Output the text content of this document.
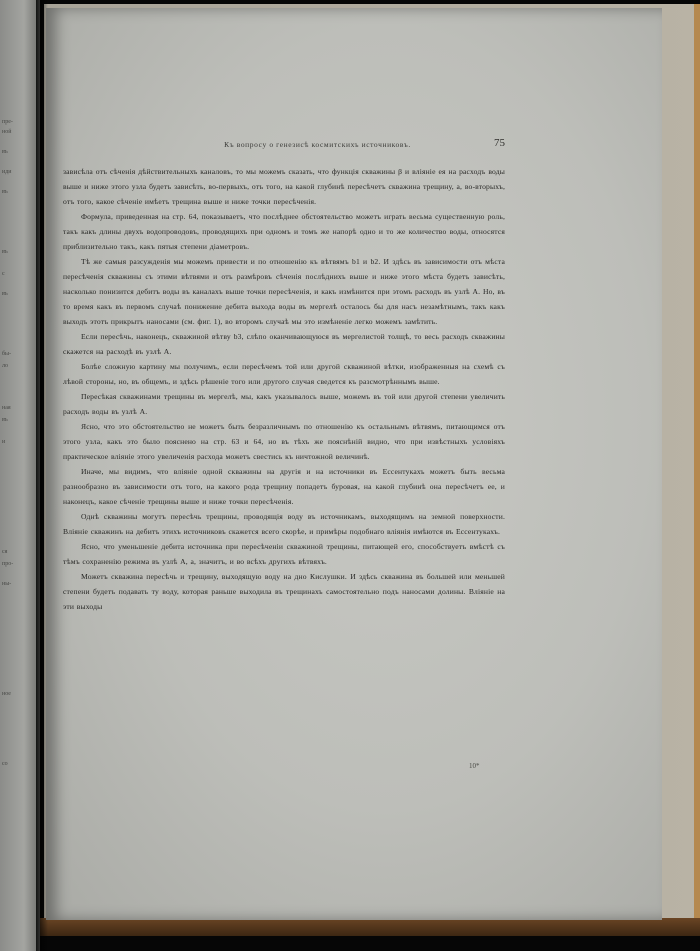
пре-
ной
въ
иди
въ
въ
с
въ
бы-
ло
ная
въ
и
ся
про-
ны-
ное
со
Къ вопросу о генезисѣ космитскихъ источниковъ.	75

зависѣла отъ сѣченія дѣйствительныхъ каналовъ, то мы можемъ сказать, что функція скважины β и вліяніе ея на расходъ воды выше и ниже этого узла будетъ зависѣть, во-первыхъ, отъ того, на какой глубинѣ пересѣчетъ скважина трещину, а, во-вторыхъ, отъ того, какое сѣченіе имѣетъ трещина выше и ниже точки пересѣченія.

Формула, приведенная на стр. 64, показываетъ, что послѣднее обстоятельство можетъ играть весьма существенную роль, такъ какъ длины двухъ водопроводовъ, проводящихъ при одномъ и томъ же напорѣ одно и то же количество воды, относятся приблизительно такъ, какъ пятыя степени діаметровъ.

Тѣ же самыя разсужденія мы можемъ привести и по отношенію къ вѣтвямъ b1 и b2. И здѣсь въ зависимости отъ мѣста пересѣченія скважины съ этими вѣтвями и отъ размѣровъ сѣченія послѣднихъ выше и ниже этого мѣста будетъ зависѣть, насколько понизится дебитъ воды въ каналахъ выше точки пересѣченія, и какъ измѣнится при этомъ расходъ въ узлѣ А. Но, въ то время какъ въ первомъ случаѣ понижение дебита выхода воды въ мергелѣ осталось бы для насъ незамѣтнымъ, такъ какъ выходъ этотъ прикрытъ наносами (см. фиг. 1), во второмъ случаѣ мы это измѣненіе легко можемъ замѣтить.

Если пересѣчь, наконецъ, скважиной вѣтву b3, слѣпо оканчивающуюся въ мергелистой толщѣ, то весь расходъ скважины скажется на расходѣ въ узлѣ А.

Болѣе сложную картину мы получимъ, если пересѣчемъ той или другой скважиной вѣтки, изображенныя на схемѣ съ лѣвой стороны, но, въ общемъ, и здѣсь рѣшеніе того или другого случая сведется къ разсмотрѣннымъ выше.

Пересѣкая скважинами трещины въ мергелѣ, мы, какъ указывалось выше, можемъ въ той или другой степени увеличить расходъ воды въ узлѣ А.

Ясно, что это обстоятельство не можетъ быть безразличнымъ по отношенію къ остальнымъ вѣтвямъ, питающимся отъ этого узла, какъ это было пояснено на стр. 63 и 64, но въ тѣхъ же пояснѣній видно, что при извѣстныхъ условіяхъ практическое вліяніе этого увеличенія расхода можетъ свестись къ ничтожной величинѣ.

Иначе, мы видимъ, что вліяніе одной скважины на другія и на источники въ Ессентукахъ можетъ быть весьма разнообразно въ зависимости отъ того, на какого рода трещину попадетъ буровая, на какой глубинѣ она пересѣчетъ ее, и наконецъ, какое сѣченіе трещины выше и ниже точки пересѣченія.

Однѣ скважины могутъ пересѣчь трещины, проводящія воду въ источникамъ, выходящимъ на земной поверхности. Вліяніе скважинъ на дебитъ этихъ источниковъ скажется всего скорѣе, и примѣры подобнаго вліянія имѣются въ Ессентукахъ.

Ясно, что уменьшеніе дебита источника при пересѣченіи скважиной трещины, питающей его, способствуетъ вмѣстѣ съ тѣмъ сохраненію режима въ узлѣ А, а, значитъ, и во всѣхъ другихъ вѣтвяхъ.

Можетъ скважина пересѣчь и трещину, выходящую воду на дно Кислушки. И здѣсь скважина въ большей или меньшей степени будетъ подавать ту воду, которая раньше выходила въ трещинахъ самостоятельно подъ наносами долины. Вліяніе на эти выходы

10*
